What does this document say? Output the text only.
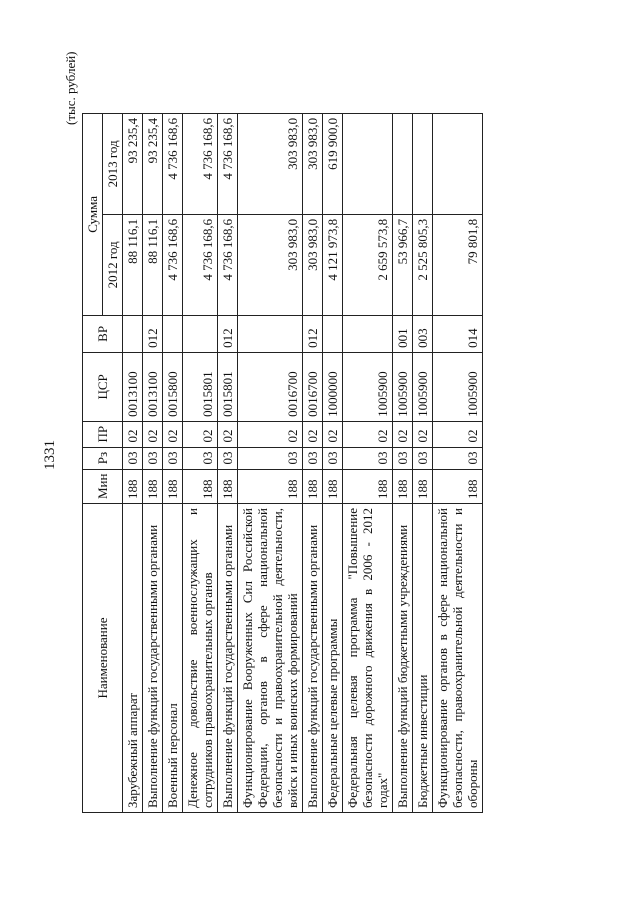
1331
(тыс. рублей)
Наименование	Мин	Рз	ПР	ЦСР	ВР	Сумма	
						2012 год	2013 год
Зарубежный аппарат	188	03	02	0013100		88 116,1	93 235,4
Выполнение функций государственными органами	188	03	02	0013100	012	88 116,1	93 235,4
Военный персонал	188	03	02	0015800		4 736 168,6	4 736 168,6
Денежное довольствие военнослужащих и сотрудников правоохранительных органов	188	03	02	0015801		4 736 168,6	4 736 168,6
Выполнение функций государственными органами	188	03	02	0015801	012	4 736 168,6	4 736 168,6
Функционирование Вооруженных Сил Российской Федерации, органов в сфере национальной безопасности и правоохранительной деятельности, войск и иных воинских формирований	188	03	02	0016700		303 983,0	303 983,0
Выполнение функций государственными органами	188	03	02	0016700	012	303 983,0	303 983,0
Федеральные целевые программы	188	03	02	1000000		4 121 973,8	619 900,0
Федеральная целевая программа "Повышение безопасности дорожного движения в 2006 - 2012 годах"	188	03	02	1005900		2 659 573,8	
Выполнение функций бюджетными учреждениями	188	03	02	1005900	001	53 966,7	
Бюджетные инвестиции	188	03	02	1005900	003	2 525 805,3	
Функционирование органов в сфере национальной безопасности, правоохранительной деятельности и обороны	188	03	02	1005900	014	79 801,8	
